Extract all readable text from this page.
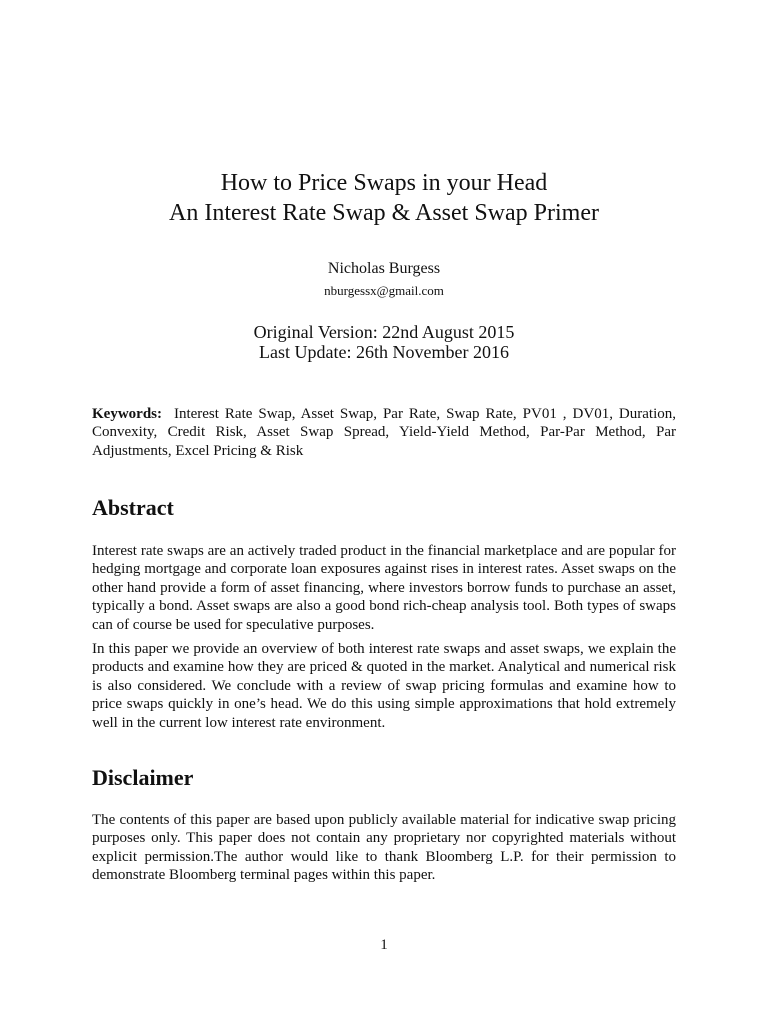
How to Price Swaps in your Head

An Interest Rate Swap & Asset Swap Primer

Nicholas Burgess
nburgessx@gmail.com
Original Version: 22nd August 2015
Last Update: 26th November 2016
Keywords: Interest Rate Swap, Asset Swap, Par Rate, Swap Rate, PV01 , DV01, Duration, Convexity, Credit Risk, Asset Swap Spread, Yield-Yield Method, Par-Par Method, Par Adjustments, Excel Pricing & Risk
Abstract

Interest rate swaps are an actively traded product in the financial marketplace and are popular for hedging mortgage and corporate loan exposures against rises in interest rates. Asset swaps on the other hand provide a form of asset financing, where investors borrow funds to purchase an asset, typically a bond. Asset swaps are also a good bond rich-cheap analysis tool. Both types of swaps can of course be used for speculative purposes.

In this paper we provide an overview of both interest rate swaps and asset swaps, we explain the products and examine how they are priced & quoted in the market. Analytical and numerical risk is also considered. We conclude with a review of swap pricing formulas and examine how to price swaps quickly in one’s head. We do this using simple approximations that hold extremely well in the current low interest rate environment.

Disclaimer

The contents of this paper are based upon publicly available material for indicative swap pricing purposes only. This paper does not contain any proprietary nor copyrighted materials without explicit permission.The author would like to thank Bloomberg L.P. for their permission to demonstrate Bloomberg terminal pages within this paper.

1
